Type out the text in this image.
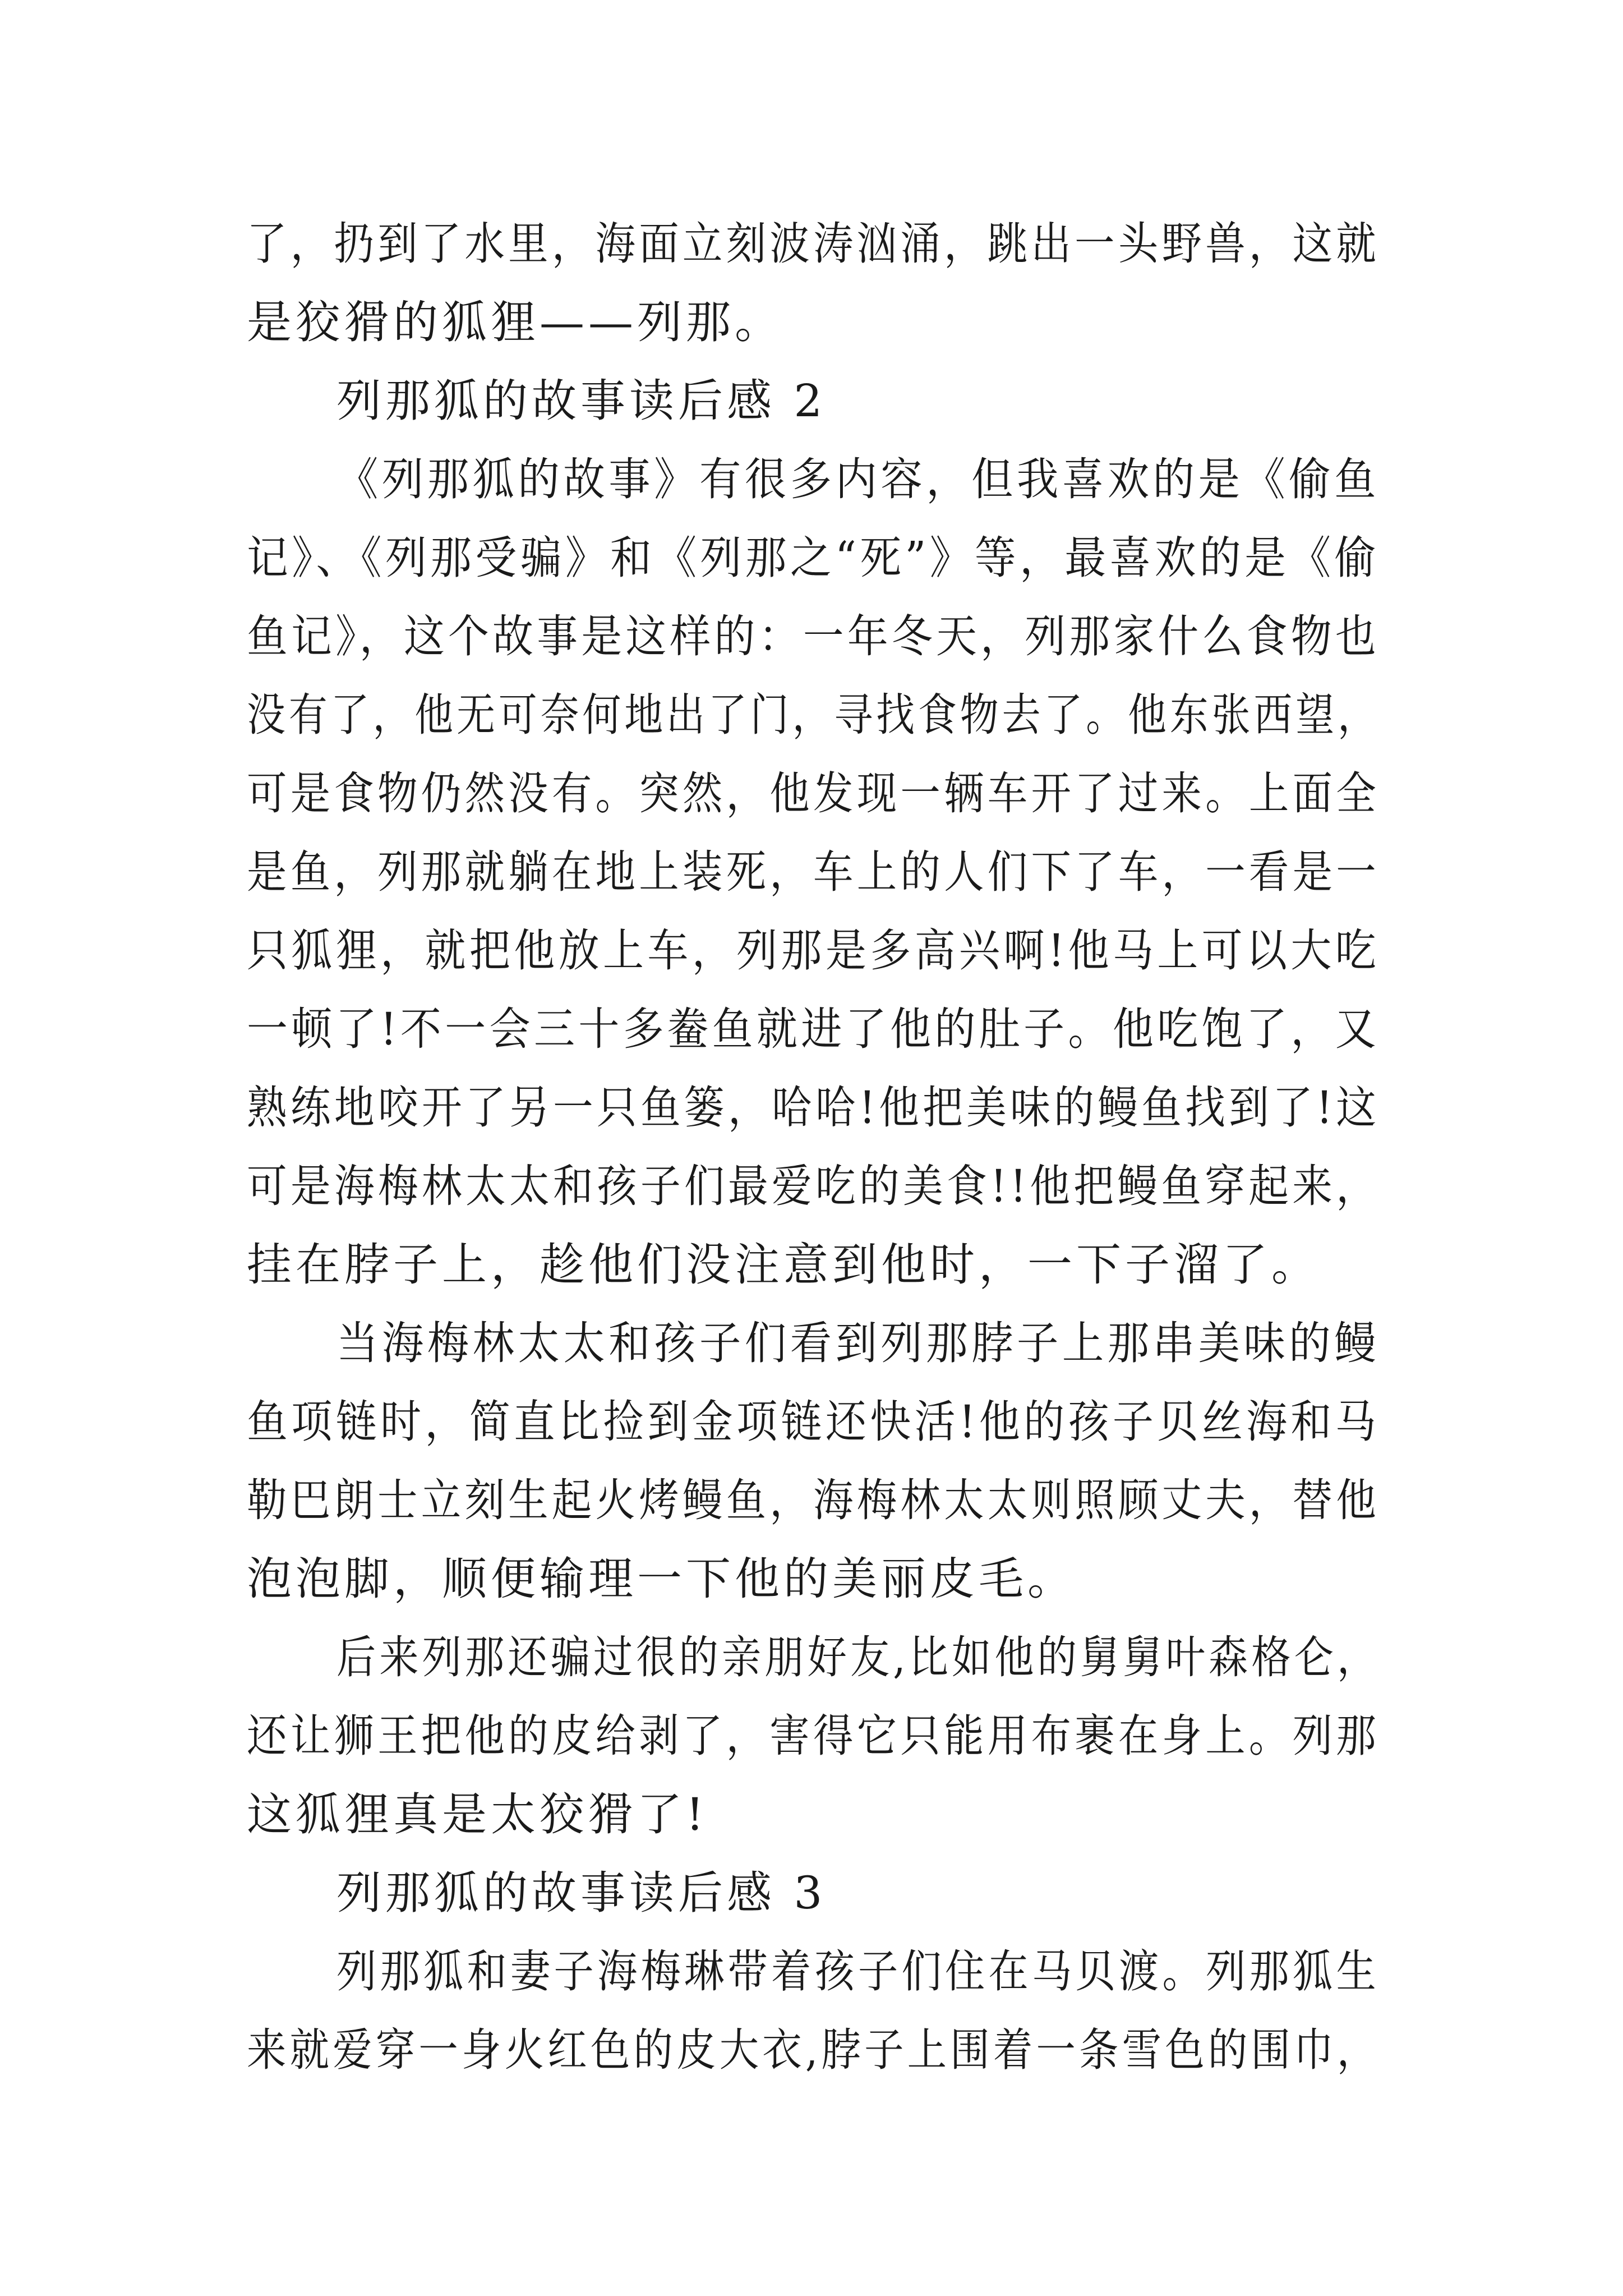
了，扔到了水里，海面立刻波涛汹涌，跳出一头野兽，这就
是狡猾的狐狸——列那。
列那狐的故事读后感 2
《列那狐的故事》有很多内容，但我喜欢的是《偷鱼
记》、《列那受骗》和《列那之“死”》等，最喜欢的是《偷
鱼记》，这个故事是这样的：一年冬天，列那家什么食物也
没有了，他无可奈何地出了门，寻找食物去了。他东张西望，
可是食物仍然没有。突然，他发现一辆车开了过来。上面全
是鱼，列那就躺在地上装死，车上的人们下了车，一看是一
只狐狸，就把他放上车，列那是多高兴啊!他马上可以大吃
一顿了!不一会三十多鲞鱼就进了他的肚子。他吃饱了，又
熟练地咬开了另一只鱼篓，哈哈!他把美味的鳗鱼找到了!这
可是海梅林太太和孩子们最爱吃的美食!!他把鳗鱼穿起来，
挂在脖子上，趁他们没注意到他时，一下子溜了。
当海梅林太太和孩子们看到列那脖子上那串美味的鳗
鱼项链时，简直比捡到金项链还快活!他的孩子贝丝海和马
勒巴朗士立刻生起火烤鳗鱼，海梅林太太则照顾丈夫，替他
泡泡脚，顺便输理一下他的美丽皮毛。
后来列那还骗过很的亲朋好友,比如他的舅舅叶森格仑，
还让狮王把他的皮给剥了，害得它只能用布裹在身上。列那
这狐狸真是太狡猾了!
列那狐的故事读后感 3
列那狐和妻子海梅琳带着孩子们住在马贝渡。列那狐生
来就爱穿一身火红色的皮大衣,脖子上围着一条雪色的围巾，
